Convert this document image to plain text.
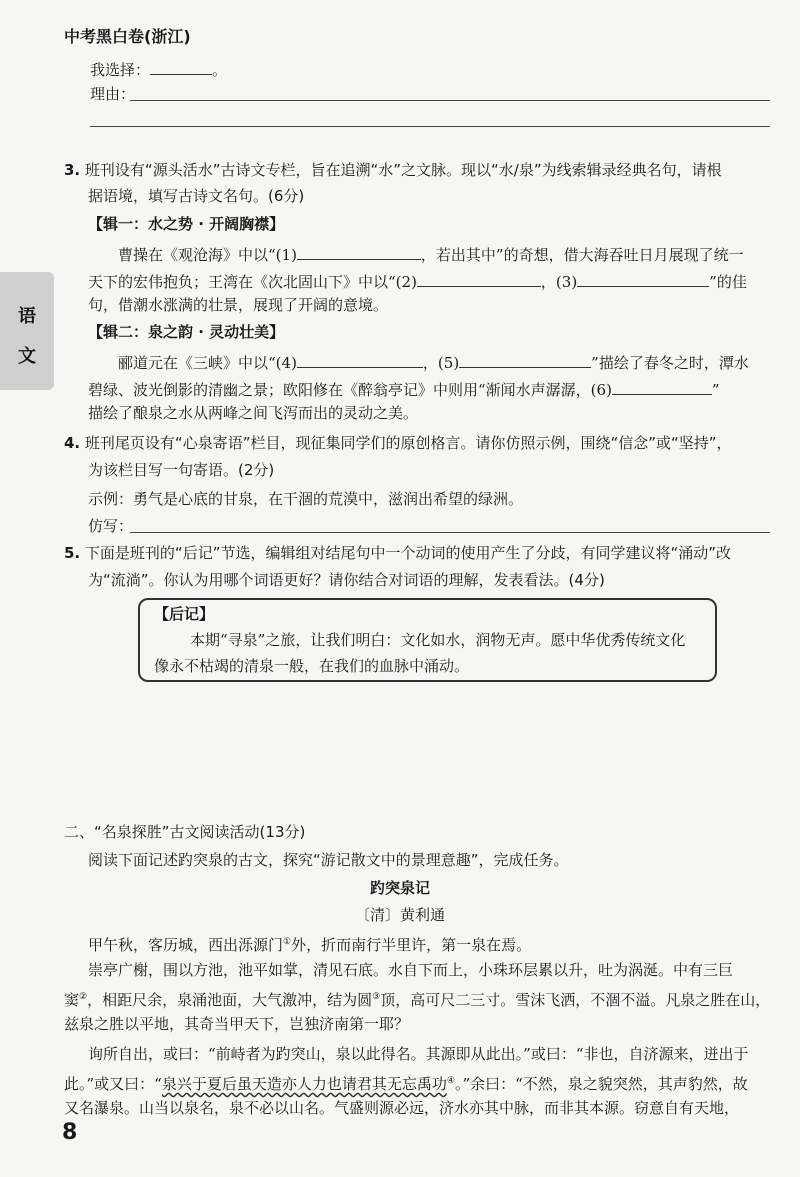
中考黑白卷(浙江)
语
文
我选择：	。
理由：
3. 班刊设有“源头活水”古诗文专栏，旨在追溯“水”之文脉。现以“水/泉”为线索辑录经典名句，请根
据语境，填写古诗文名句。(6分)
【辑一：水之势 · 开阔胸襟】
曹操在《观沧海》中以“(1)	，若出其中”的奇想，借大海吞吐日月展现了统一
天下的宏伟抱负；王湾在《次北固山下》中以“(2)	，(3)	”的佳
句，借潮水涨满的壮景，展现了开阔的意境。
【辑二：泉之韵 · 灵动壮美】
郦道元在《三峡》中以“(4)	，(5)	”描绘了春冬之时，潭水
碧绿、波光倒影的清幽之景；欧阳修在《醉翁亭记》中则用“渐闻水声潺潺，(6)	”
描绘了酿泉之水从两峰之间飞泻而出的灵动之美。
4. 班刊尾页设有“心泉寄语”栏目，现征集同学们的原创格言。请你仿照示例，围绕“信念”或“坚持”，
为该栏目写一句寄语。(2分)
示例：勇气是心底的甘泉，在干涸的荒漠中，滋润出希望的绿洲。
仿写：
5. 下面是班刊的“后记”节选，编辑组对结尾句中一个动词的使用产生了分歧，有同学建议将“涌动”改
为“流淌”。你认为用哪个词语更好？请你结合对词语的理解，发表看法。(4分)
【后记】
本期“寻泉”之旅，让我们明白：文化如水，润物无声。愿中华优秀传统文化
像永不枯竭的清泉一般，在我们的血脉中涌动。
二、“名泉探胜”古文阅读活动(13分)
阅读下面记述趵突泉的古文，探究“游记散文中的景理意趣”，完成任务。
趵突泉记
〔清〕黄利通
甲午秋，客历城，西出泺源门①外，折而南行半里许，第一泉在焉。
崇亭广榭，围以方池，池平如掌，清见石底。水自下而上，小珠环层累以升，吐为涡涎。中有三巨
窦②，相距尺余，泉涌池面，大气激冲，结为圆③顶，高可尺二三寸。雪沫飞洒，不涸不溢。凡泉之胜在山，
兹泉之胜以平地，其奇当甲天下，岂独济南第一耶？
询所自出，或曰：“前峙者为趵突山，泉以此得名。其源即从此出。”或曰：“非也，自济源来，迸出于
此。”或又曰：“泉兴于夏后虽天造亦人力也请君其无忘禹功④。”余曰：“不然，泉之貌突然，其声豹然，故
又名瀑泉。山当以泉名，泉不必以山名。气盛则源必远，济水亦其中脉，而非其本源。窃意自有天地，
8
